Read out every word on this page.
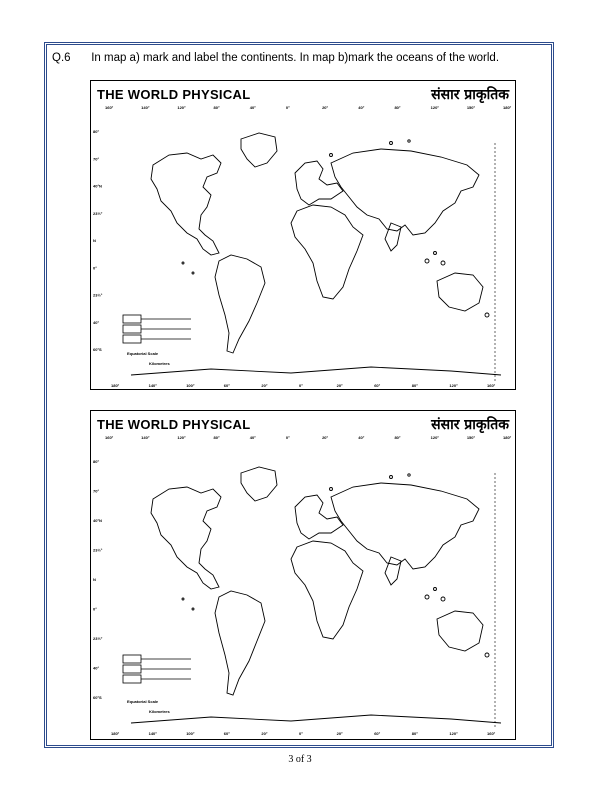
Q.6 In map a) mark and label the continents. In map b)mark the oceans of the world.
THE WORLD PHYSICAL	संसार प्राकृतिक
160°	140°	120°	80°	40°	0°	20°	40°	80°	120°	150°	180°
80°
70°
40°N
23½°
N
0°
23½°
40°
60°S
180°	140°	100°	60°	20°	0°	20°	60°	80°	120°	160°
Equatorial Scale
Kilometres
THE WORLD PHYSICAL	संसार प्राकृतिक
160°	140°	120°	80°	40°	0°	20°	40°	80°	120°	150°	180°
80°
70°
40°N
23½°
N
0°
23½°
40°
60°S
180°	140°	100°	60°	20°	0°	20°	60°	80°	120°	160°
Equatorial Scale
Kilometres
3 of 3
